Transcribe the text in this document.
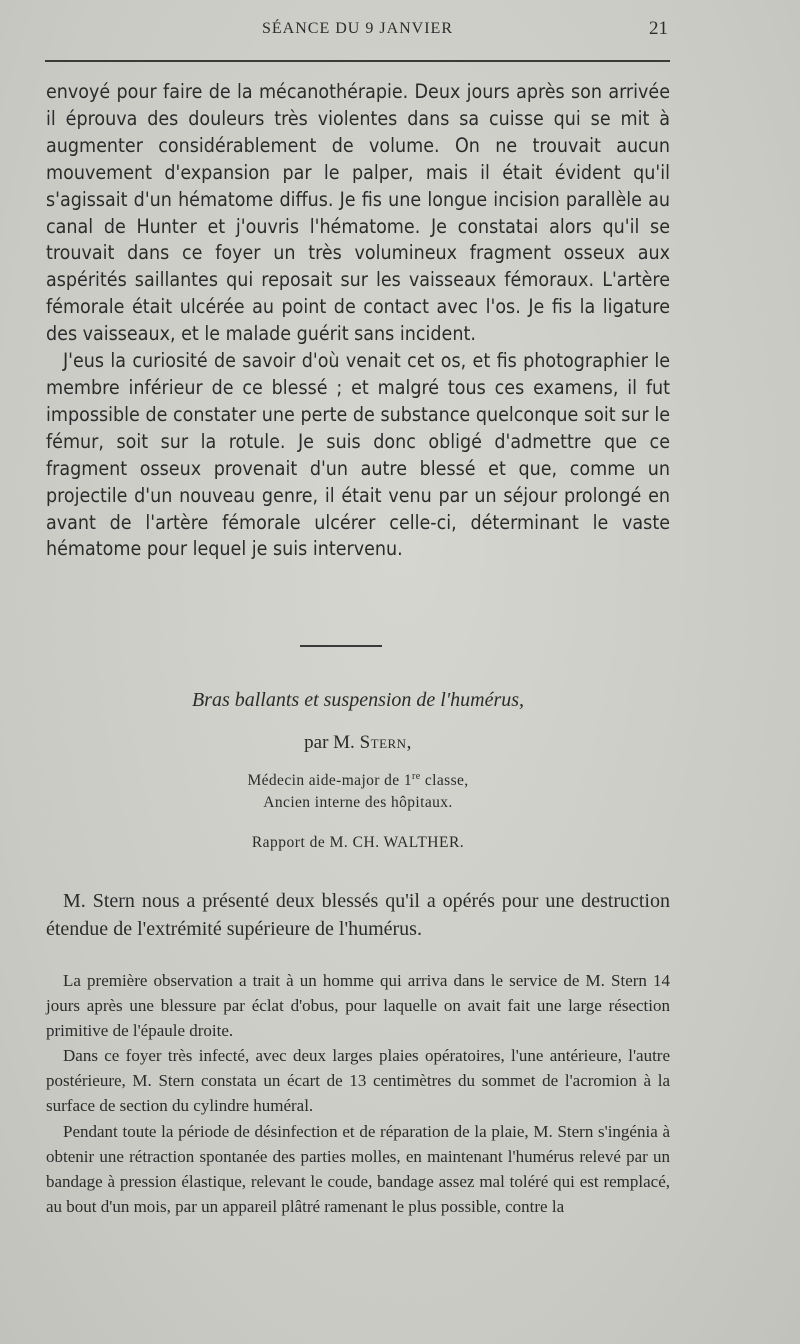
SÉANCE DU 9 JANVIER	21

envoyé pour faire de la mécanothérapie. Deux jours après son arrivée il éprouva des douleurs très violentes dans sa cuisse qui se mit à augmenter considérablement de volume. On ne trouvait aucun mouvement d'expansion par le palper, mais il était évident qu'il s'agissait d'un hématome diffus. Je fis une longue incision parallèle au canal de Hunter et j'ouvris l'hématome. Je constatai alors qu'il se trouvait dans ce foyer un très volumineux fragment osseux aux aspérités saillantes qui reposait sur les vaisseaux fémoraux. L'artère fémorale était ulcérée au point de contact avec l'os. Je fis la ligature des vaisseaux, et le malade guérit sans incident.

J'eus la curiosité de savoir d'où venait cet os, et fis photographier le membre inférieur de ce blessé ; et malgré tous ces examens, il fut impossible de constater une perte de substance quelconque soit sur le fémur, soit sur la rotule. Je suis donc obligé d'admettre que ce fragment osseux provenait d'un autre blessé et que, comme un projectile d'un nouveau genre, il était venu par un séjour prolongé en avant de l'artère fémorale ulcérer celle-ci, déterminant le vaste hématome pour lequel je suis intervenu.

Bras ballants et suspension de l'humérus,
par M. Stern,
Médecin aide-major de 1re classe,
Ancien interne des hôpitaux.
Rapport de M. CH. WALTHER.

M. Stern nous a présenté deux blessés qu'il a opérés pour une destruction étendue de l'extrémité supérieure de l'humérus.

La première observation a trait à un homme qui arriva dans le service de M. Stern 14 jours après une blessure par éclat d'obus, pour laquelle on avait fait une large résection primitive de l'épaule droite.

Dans ce foyer très infecté, avec deux larges plaies opératoires, l'une antérieure, l'autre postérieure, M. Stern constata un écart de 13 centimètres du sommet de l'acromion à la surface de section du cylindre huméral.

Pendant toute la période de désinfection et de réparation de la plaie, M. Stern s'ingénia à obtenir une rétraction spontanée des parties molles, en maintenant l'humérus relevé par un bandage à pression élastique, relevant le coude, bandage assez mal toléré qui est remplacé, au bout d'un mois, par un appareil plâtré ramenant le plus possible, contre la
